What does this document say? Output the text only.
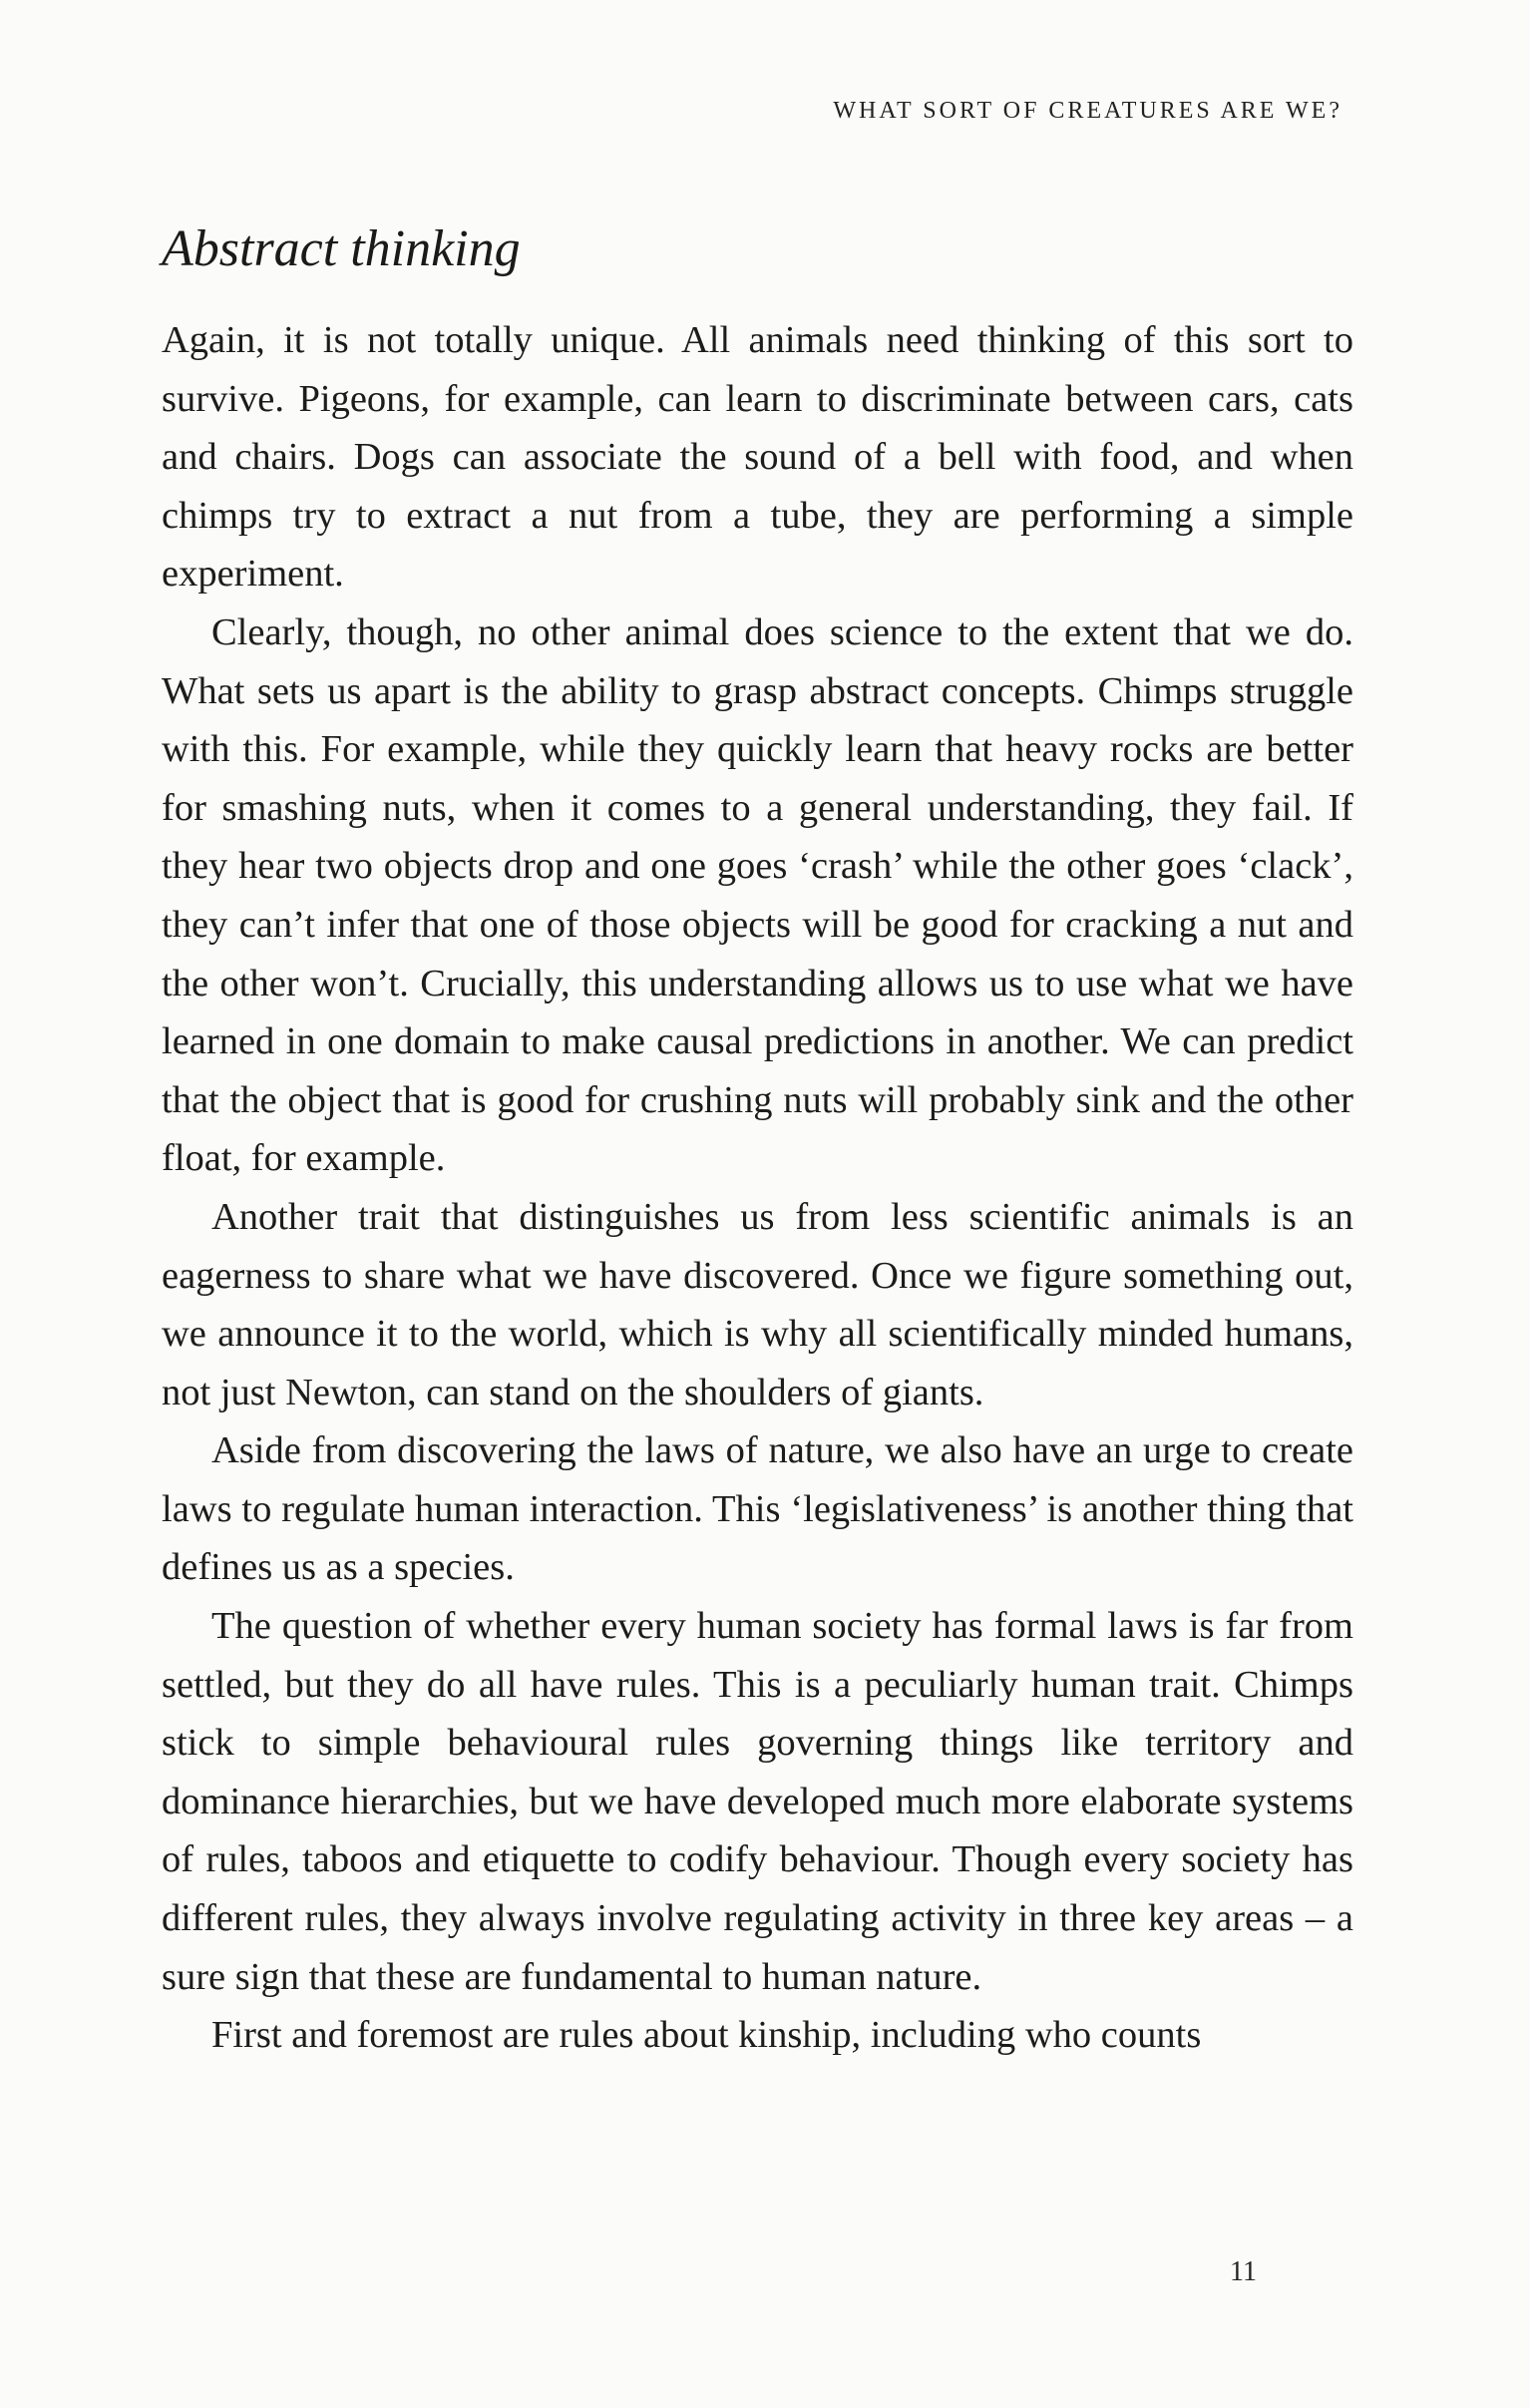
WHAT SORT OF CREATURES ARE WE?
Abstract thinking

Again, it is not totally unique. All animals need thinking of this sort to survive. Pigeons, for example, can learn to discriminate between cars, cats and chairs. Dogs can associate the sound of a bell with food, and when chimps try to extract a nut from a tube, they are performing a simple experiment.

Clearly, though, no other animal does science to the extent that we do. What sets us apart is the ability to grasp abstract concepts. Chimps struggle with this. For example, while they quickly learn that heavy rocks are better for smashing nuts, when it comes to a general understanding, they fail. If they hear two objects drop and one goes ‘crash’ while the other goes ‘clack’, they can’t infer that one of those objects will be good for cracking a nut and the other won’t. Crucially, this understanding allows us to use what we have learned in one domain to make causal predictions in another. We can predict that the object that is good for crushing nuts will probably sink and the other float, for example.

Another trait that distinguishes us from less scientific animals is an eagerness to share what we have discovered. Once we figure something out, we announce it to the world, which is why all scientifically minded humans, not just Newton, can stand on the shoulders of giants.

Aside from discovering the laws of nature, we also have an urge to create laws to regulate human interaction. This ‘legislativeness’ is another thing that defines us as a species.

The question of whether every human society has formal laws is far from settled, but they do all have rules. This is a peculiarly human trait. Chimps stick to simple behavioural rules governing things like territory and dominance hierarchies, but we have developed much more elaborate systems of rules, taboos and etiquette to codify behaviour. Though every society has different rules, they always involve regulating activity in three key areas – a sure sign that these are fundamental to human nature.

First and foremost are rules about kinship, including who counts

11
